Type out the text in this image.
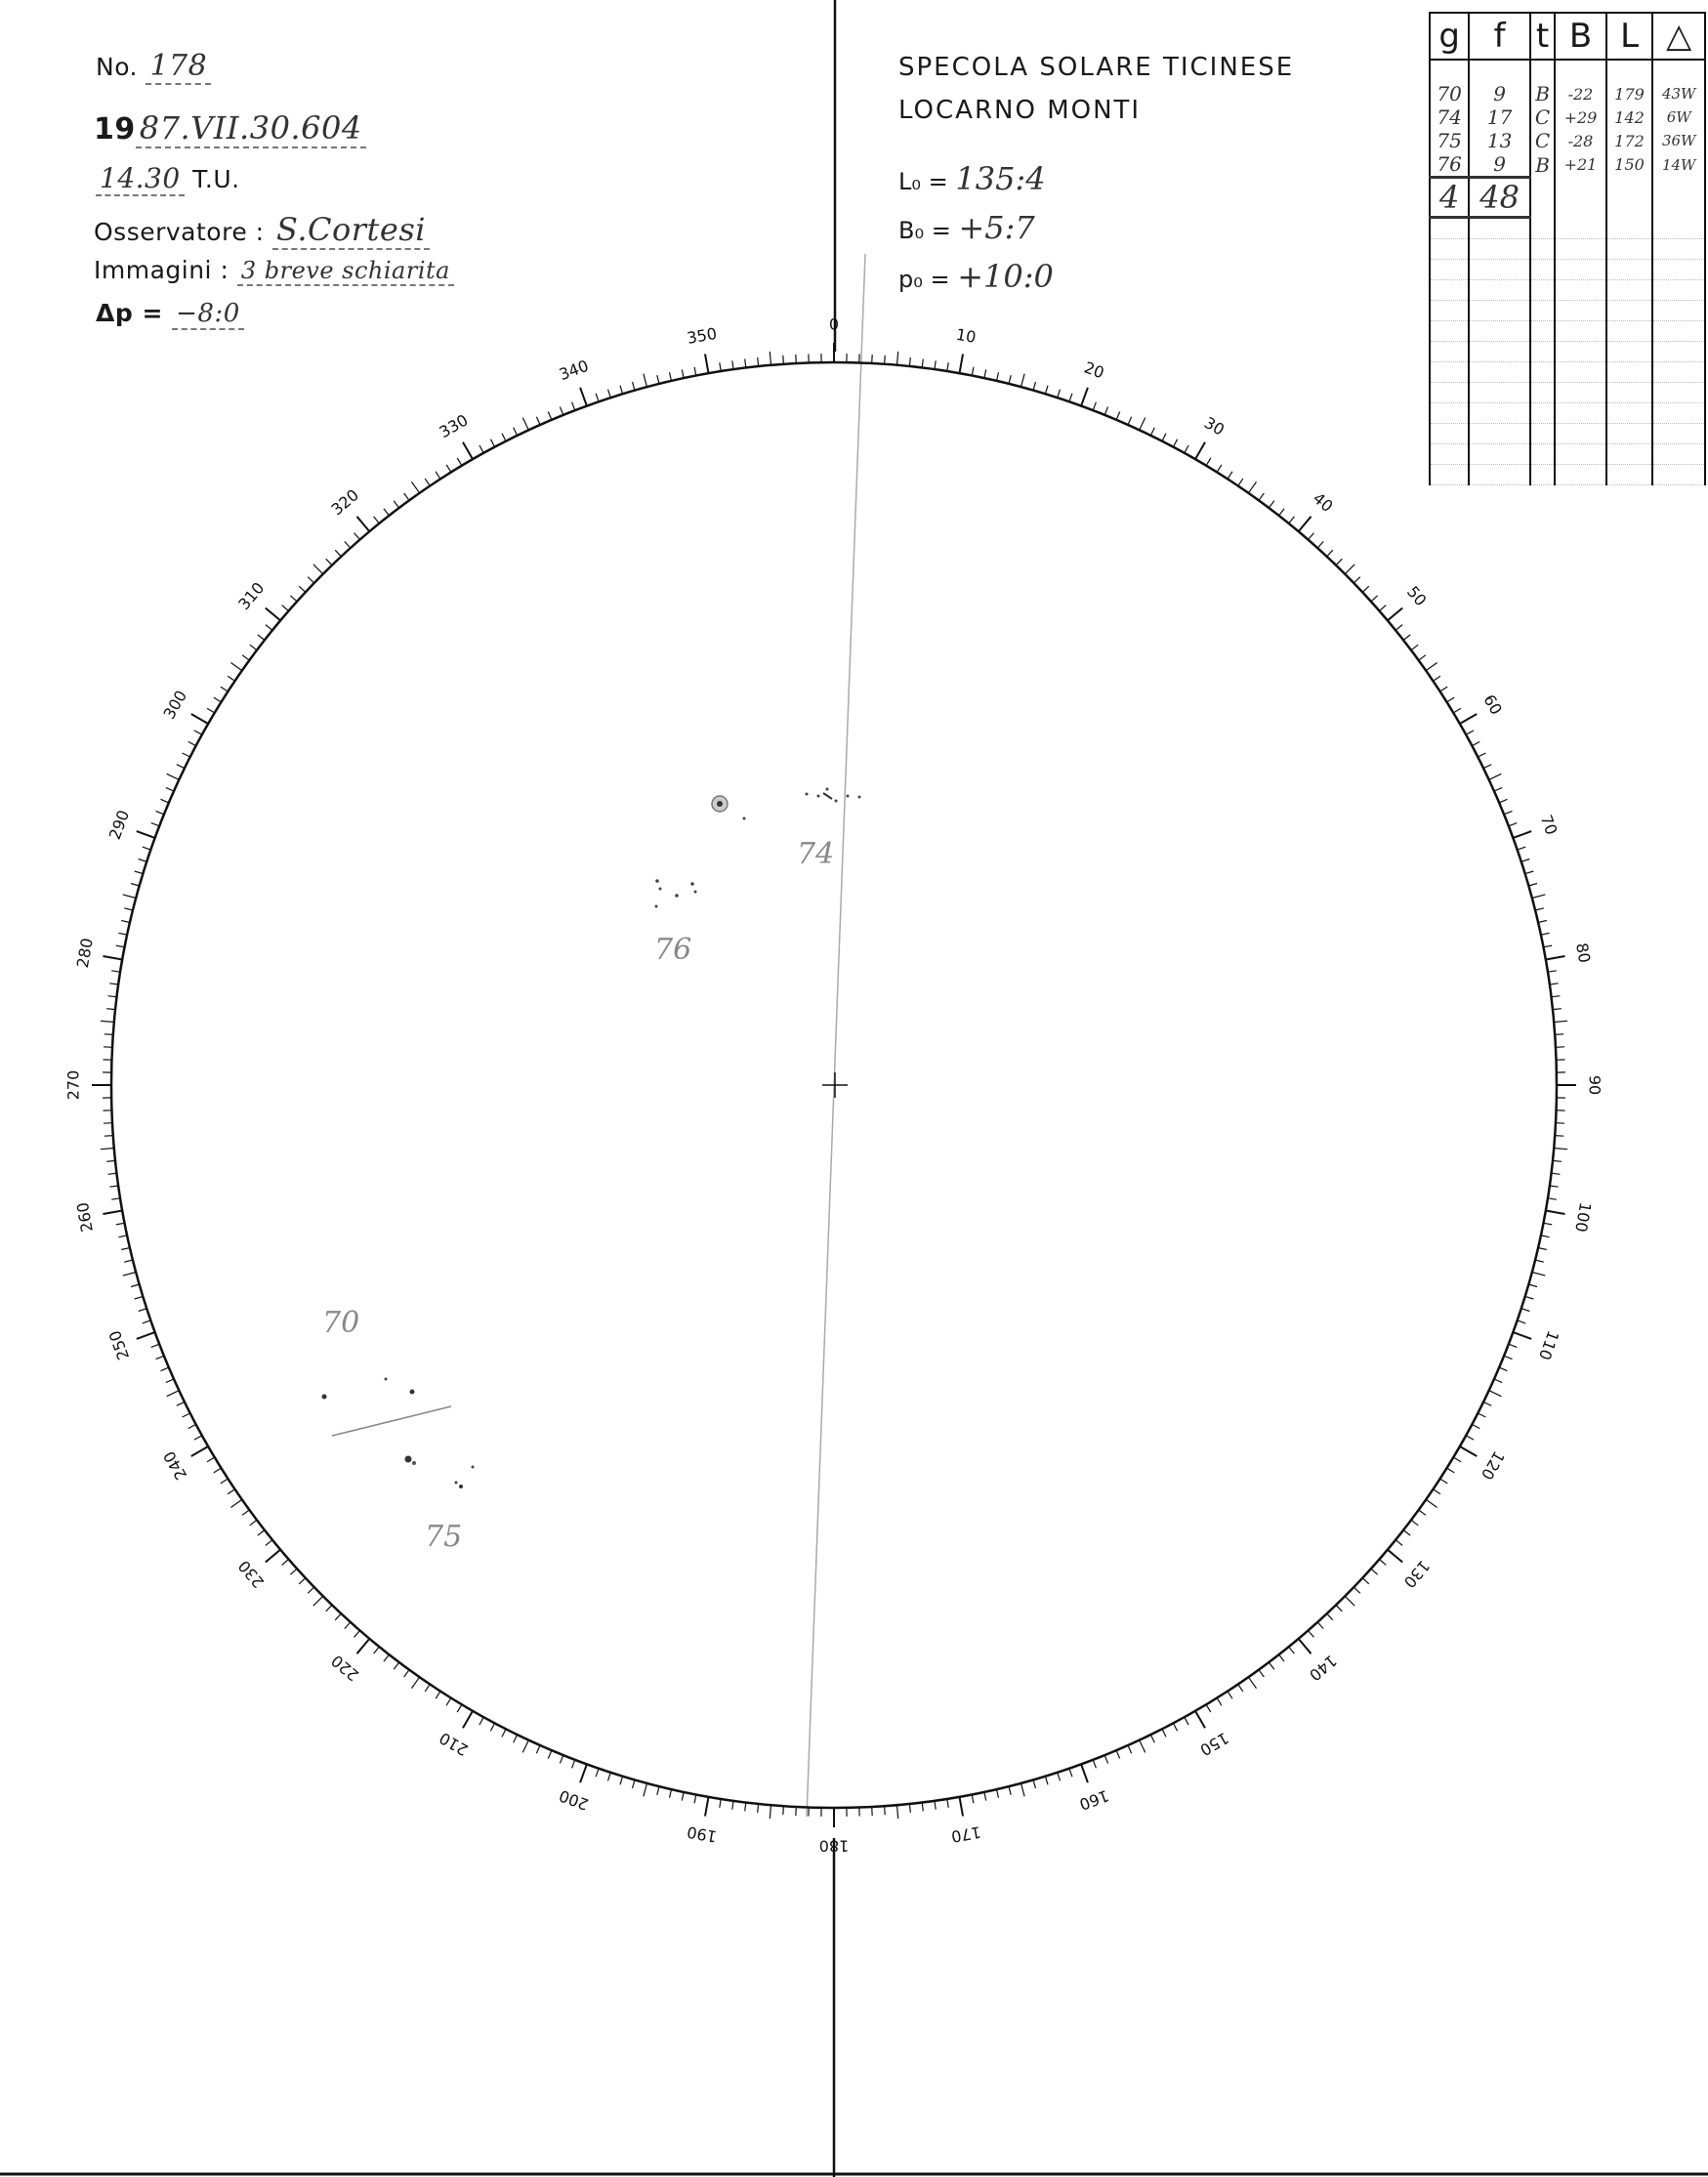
No. 178
19 87.VII.30.604
14.30 T.U.
Osservatore : S.Cortesi
Immagini : 3 breve schiarita
Δp = −8:0
SPECOLA SOLARE TICINESE
LOCARNO MONTI
L₀ = 135:4
B₀ = +5:7
p₀ = +10:0
g	f	t	B	L	△

70	9	B	-22	179	43W
74	17	C	+29	142	6W
75	13	C	-28	172	36W
76	9	B	+21	150	14W
4	48				

0
10
20
30
40
50
60
70
80
90
100
110
120
130
140
150
160
170
180
190
200
210
220
230
240
250
260
270
280
290
300
310
320
330
340
350
74
76
70
75
